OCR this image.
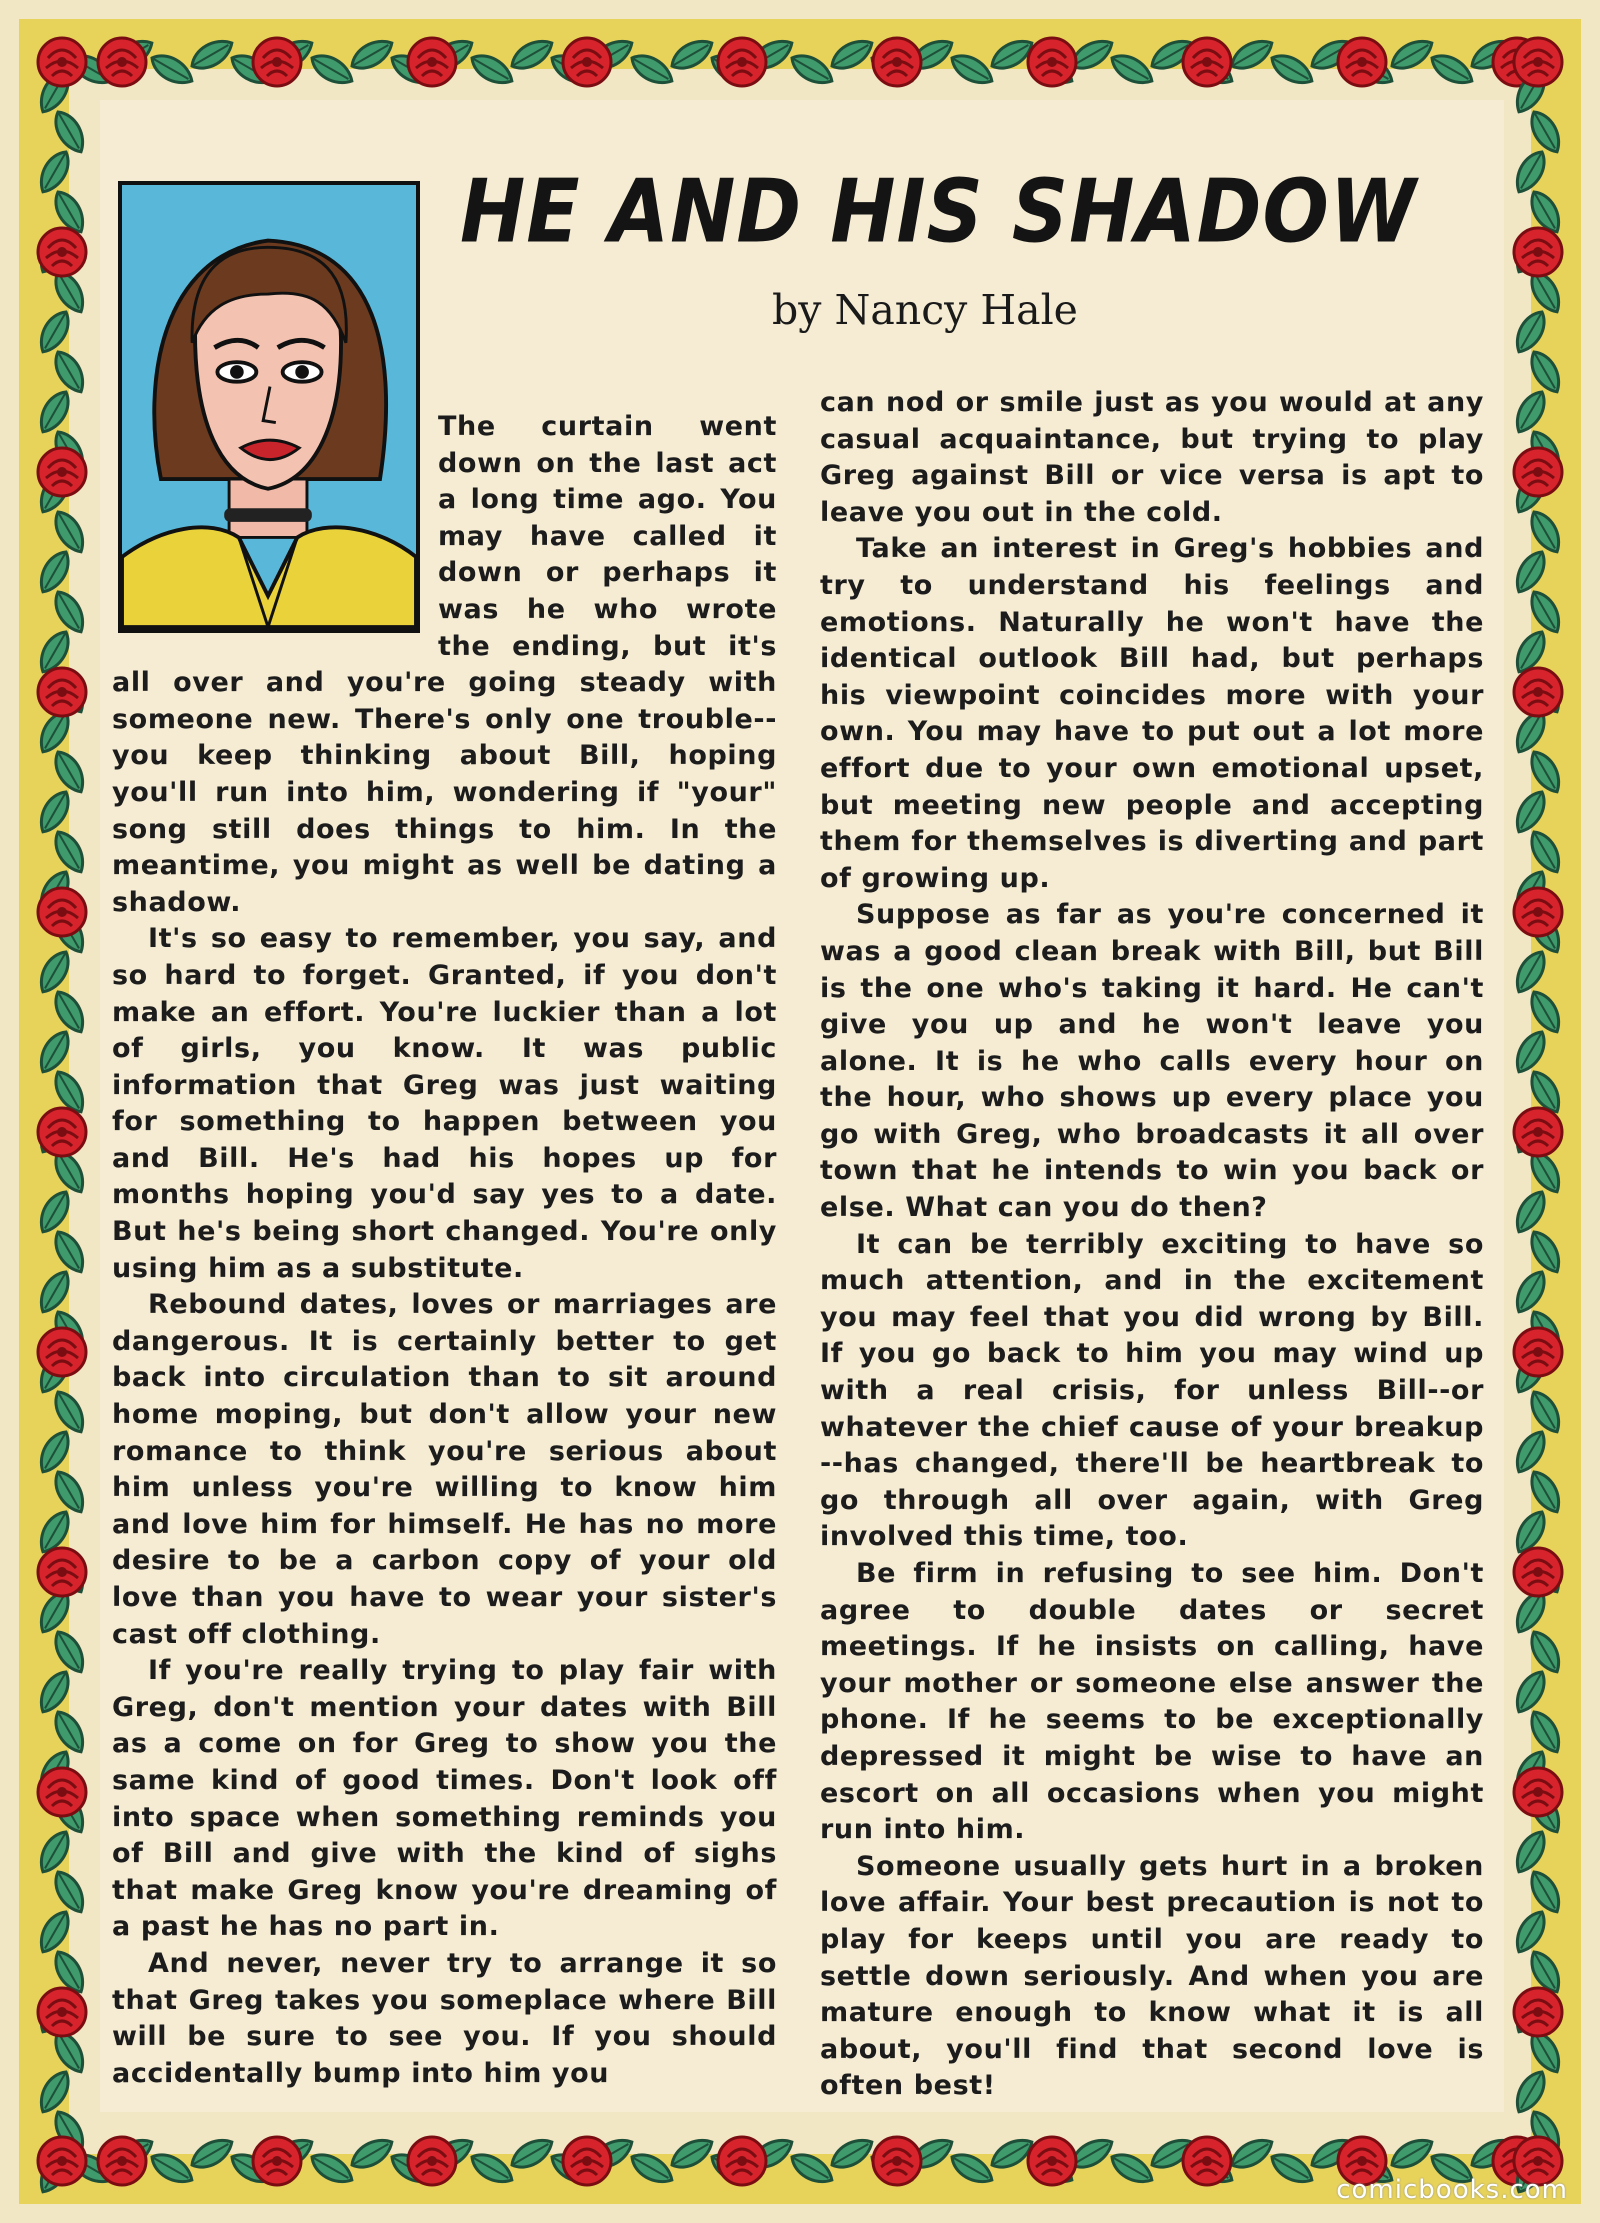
HE AND HIS SHADOW
by Nancy Hale

The curtain went down on the last act a long time ago. You may have called it down or perhaps it was he who wrote the ending, but it's all over and you're going steady with someone new. There's only one trouble--you keep thinking about Bill, hoping you'll run into him, wondering if "your" song still does things to him. In the meantime, you might as well be dating a shadow.

It's so easy to remember, you say, and so hard to forget. Granted, if you don't make an effort. You're luckier than a lot of girls, you know. It was public information that Greg was just waiting for something to happen between you and Bill. He's had his hopes up for months hoping you'd say yes to a date. But he's being short changed. You're only using him as a substitute.

Rebound dates, loves or marriages are dangerous. It is certainly better to get back into circulation than to sit around home moping, but don't allow your new romance to think you're serious about him unless you're willing to know him and love him for himself. He has no more desire to be a carbon copy of your old love than you have to wear your sister's cast off clothing.

If you're really trying to play fair with Greg, don't mention your dates with Bill as a come on for Greg to show you the same kind of good times. Don't look off into space when something reminds you of Bill and give with the kind of sighs that make Greg know you're dreaming of a past he has no part in.

And never, never try to arrange it so that Greg takes you someplace where Bill will be sure to see you. If you should accidentally bump into him you

can nod or smile just as you would at any casual acquaintance, but trying to play Greg against Bill or vice versa is apt to leave you out in the cold.

Take an interest in Greg's hobbies and try to understand his feelings and emotions. Naturally he won't have the identical outlook Bill had, but perhaps his viewpoint coincides more with your own. You may have to put out a lot more effort due to your own emotional upset, but meeting new people and accepting them for themselves is diverting and part of growing up.

Suppose as far as you're concerned it was a good clean break with Bill, but Bill is the one who's taking it hard. He can't give you up and he won't leave you alone. It is he who calls every hour on the hour, who shows up every place you go with Greg, who broadcasts it all over town that he intends to win you back or else. What can you do then?

It can be terribly exciting to have so much attention, and in the excitement you may feel that you did wrong by Bill. If you go back to him you may wind up with a real crisis, for unless Bill--or whatever the chief cause of your breakup --has changed, there'll be heartbreak to go through all over again, with Greg involved this time, too.

Be firm in refusing to see him. Don't agree to double dates or secret meetings. If he insists on calling, have your mother or someone else answer the phone. If he seems to be exceptionally depressed it might be wise to have an escort on all occasions when you might run into him.

Someone usually gets hurt in a broken love affair. Your best precaution is not to play for keeps until you are ready to settle down seriously. And when you are mature enough to know what it is all about, you'll find that second love is often best!

comicbooks.com
